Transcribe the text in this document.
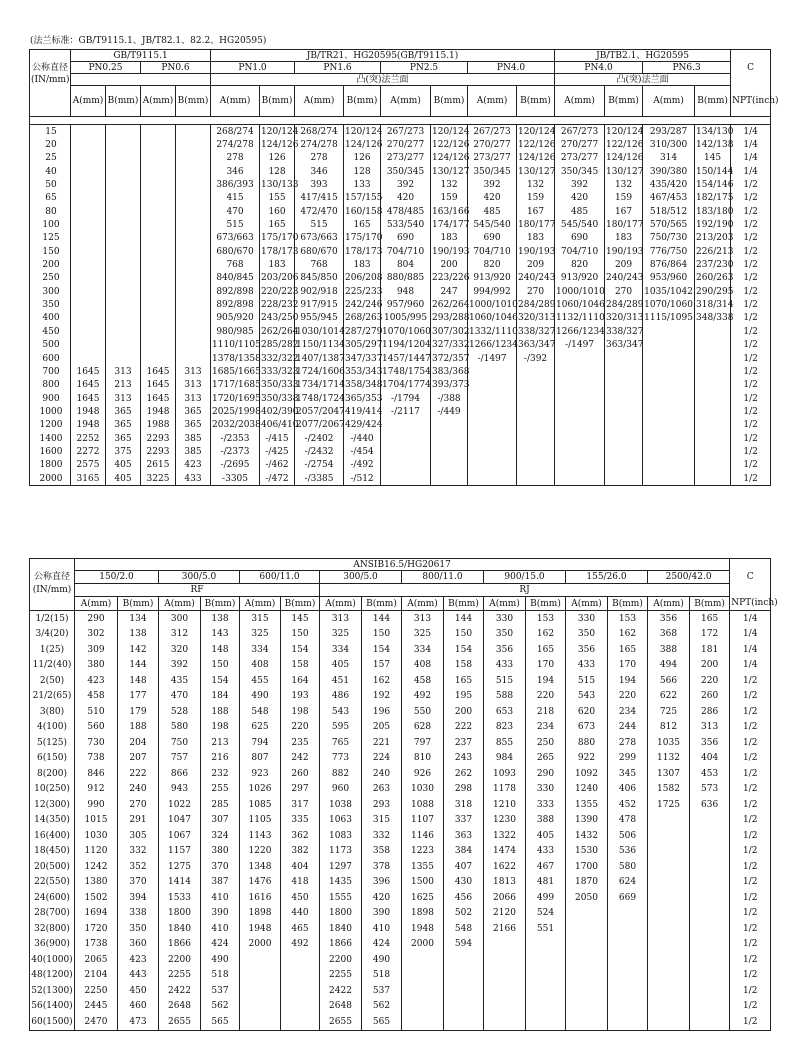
(法兰标准：GB/T9115.1、JB/T82.1、82.2、HG20595)
	GB/T9115.1				JB/TR21、HG20595(GB/T9115.1)								JB/TB2.1、HG20595				
公称直径	PN0.25		PN0.6		PN1.0		PN1.6		PN2.5		PN4.0		PN4.0		PN6.3		C
(IN/mm)					凸(突)法兰面								凸(突)法兰面				
	A(mm)	B(mm)	A(mm)	B(mm)	A(mm)	B(mm)	A(mm)	B(mm)	A(mm)	B(mm)	A(mm)	B(mm)	A(mm)	B(mm)	A(mm)	B(mm)	NPT(inch)

15					268/274	120/124	268/274	120/124	267/273	120/124	267/273	120/124	267/273	120/124	293/287	134/130	1/4
20					274/278	124/126	274/278	124/126	270/277	122/126	270/277	122/126	270/277	122/126	310/300	142/138	1/4
25					278	126	278	126	273/277	124/126	273/277	124/126	273/277	124/126	314	145	1/4
40					346	128	346	128	350/345	130/127	350/345	130/127	350/345	130/127	390/380	150/144	1/4
50					386/393	130/133	393	133	392	132	392	132	392	132	435/420	154/146	1/2
65					415	155	417/415	157/155	420	159	420	159	420	159	467/453	182/175	1/2
80					470	160	472/470	160/158	478/485	163/166	485	167	485	167	518/512	183/180	1/2
100					515	165	515	165	533/540	174/177	545/540	180/177	545/540	180/177	570/565	192/190	1/2
125					673/663	175/170	673/663	175/170	690	183	690	183	690	183	750/730	213/203	1/2
150					680/670	178/173	680/670	178/173	704/710	190/193	704/710	190/193	704/710	190/193	776/750	226/213	1/2
200					768	183	768	183	804	200	820	209	820	209	876/864	237/230	1/2
250					840/845	203/206	845/850	206/208	880/885	223/226	913/920	240/243	913/920	240/243	953/960	260/263	1/2
300					892/898	220/223	902/918	225/233	948	247	994/992	270	1000/1010	270	1035/1042	290/295	1/2
350					892/898	228/232	917/915	242/246	957/960	262/264	1000/1010	284/289	1060/1046	284/289	1070/1060	318/314	1/2
400					905/920	243/250	955/945	268/263	1005/995	293/288	1060/1046	320/313	1132/1110	320/313	1115/1095	348/338	1/2
450					980/985	262/264	1030/1014	287/279	1070/1060	307/302	1332/1110	338/327	1266/1234	338/327			1/2
500					1110/1105	285/282	1150/1134	305/297	1194/1204	327/332	1266/1234	363/347	-/1497	363/347			1/2
600					1378/1358	332/322	1407/1387	347/337	1457/1447	372/357	-/1497	-/392					1/2
700	1645	313	1645	313	1685/1665	333/323	1724/1606	353/343	1748/1754	383/368							1/2
800	1645	213	1645	313	1717/1685	350/333	1734/1714	358/348	1704/1774	393/373							1/2
900	1645	313	1645	313	1720/1695	350/338	1748/1724	365/353	-/1794	-/388							1/2
1000	1948	365	1948	365	2025/1998	402/390	2057/2047	419/414	-/2117	-/449							1/2
1200	1948	365	1988	365	2032/2038	406/410	2077/2067	429/424									1/2
1400	2252	365	2293	385	-/2353	-/415	-/2402	-/440									1/2
1600	2272	375	2293	385	-/2373	-/425	-/2432	-/454									1/2
1800	2575	405	2615	423	-/2695	-/462	-/2754	-/492									1/2
2000	3165	405	3225	433	-3305	-/472	-/3385	-/512									1/2
	ANSIB16.5/HG20617																
公称直径	150/2.0		300/5.0		600/11.0		300/5.0		800/11.0		900/15.0		155/26.0		2500/42.0		C
(IN/mm)	RF						RJ										
	A(mm)	B(mm)	A(mm)	B(mm)	A(mm)	B(mm)	A(mm)	B(mm)	A(mm)	B(mm)	A(mm)	B(mm)	A(mm)	B(mm)	A(mm)	B(mm)	NPT(inch)
1/2(15)	290	134	300	138	315	145	313	144	313	144	330	153	330	153	356	165	1/4
3/4(20)	302	138	312	143	325	150	325	150	325	150	350	162	350	162	368	172	1/4
1(25)	309	142	320	148	334	154	334	154	334	154	356	165	356	165	388	181	1/4
11/2(40)	380	144	392	150	408	158	405	157	408	158	433	170	433	170	494	200	1/4
2(50)	423	148	435	154	455	164	451	162	458	165	515	194	515	194	566	220	1/2
21/2(65)	458	177	470	184	490	193	486	192	492	195	588	220	543	220	622	260	1/2
3(80)	510	179	528	188	548	198	543	196	550	200	653	218	620	234	725	286	1/2
4(100)	560	188	580	198	625	220	595	205	628	222	823	234	673	244	812	313	1/2
5(125)	730	204	750	213	794	235	765	221	797	237	855	250	880	278	1035	356	1/2
6(150)	738	207	757	216	807	242	773	224	810	243	984	265	922	299	1132	404	1/2
8(200)	846	222	866	232	923	260	882	240	926	262	1093	290	1092	345	1307	453	1/2
10(250)	912	240	943	255	1026	297	960	263	1030	298	1178	330	1240	406	1582	573	1/2
12(300)	990	270	1022	285	1085	317	1038	293	1088	318	1210	333	1355	452	1725	636	1/2
14(350)	1015	291	1047	307	1105	335	1063	315	1107	337	1230	388	1390	478			1/2
16(400)	1030	305	1067	324	1143	362	1083	332	1146	363	1322	405	1432	506			1/2
18(450)	1120	332	1157	380	1220	382	1173	358	1223	384	1474	433	1530	536			1/2
20(500)	1242	352	1275	370	1348	404	1297	378	1355	407	1622	467	1700	580			1/2
22(550)	1380	370	1414	387	1476	418	1435	396	1500	430	1813	481	1870	624			1/2
24(600)	1502	394	1533	410	1616	450	1555	420	1625	456	2066	499	2050	669			1/2
28(700)	1694	338	1800	390	1898	440	1800	390	1898	502	2120	524					1/2
32(800)	1720	350	1840	410	1948	465	1840	410	1948	548	2166	551					1/2
36(900)	1738	360	1866	424	2000	492	1866	424	2000	594							1/2
40(1000)	2065	423	2200	490			2200	490									1/2
48(1200)	2104	443	2255	518			2255	518									1/2
52(1300)	2250	450	2422	537			2422	537									1/2
56(1400)	2445	460	2648	562			2648	562									1/2
60(1500)	2470	473	2655	565			2655	565									1/2
